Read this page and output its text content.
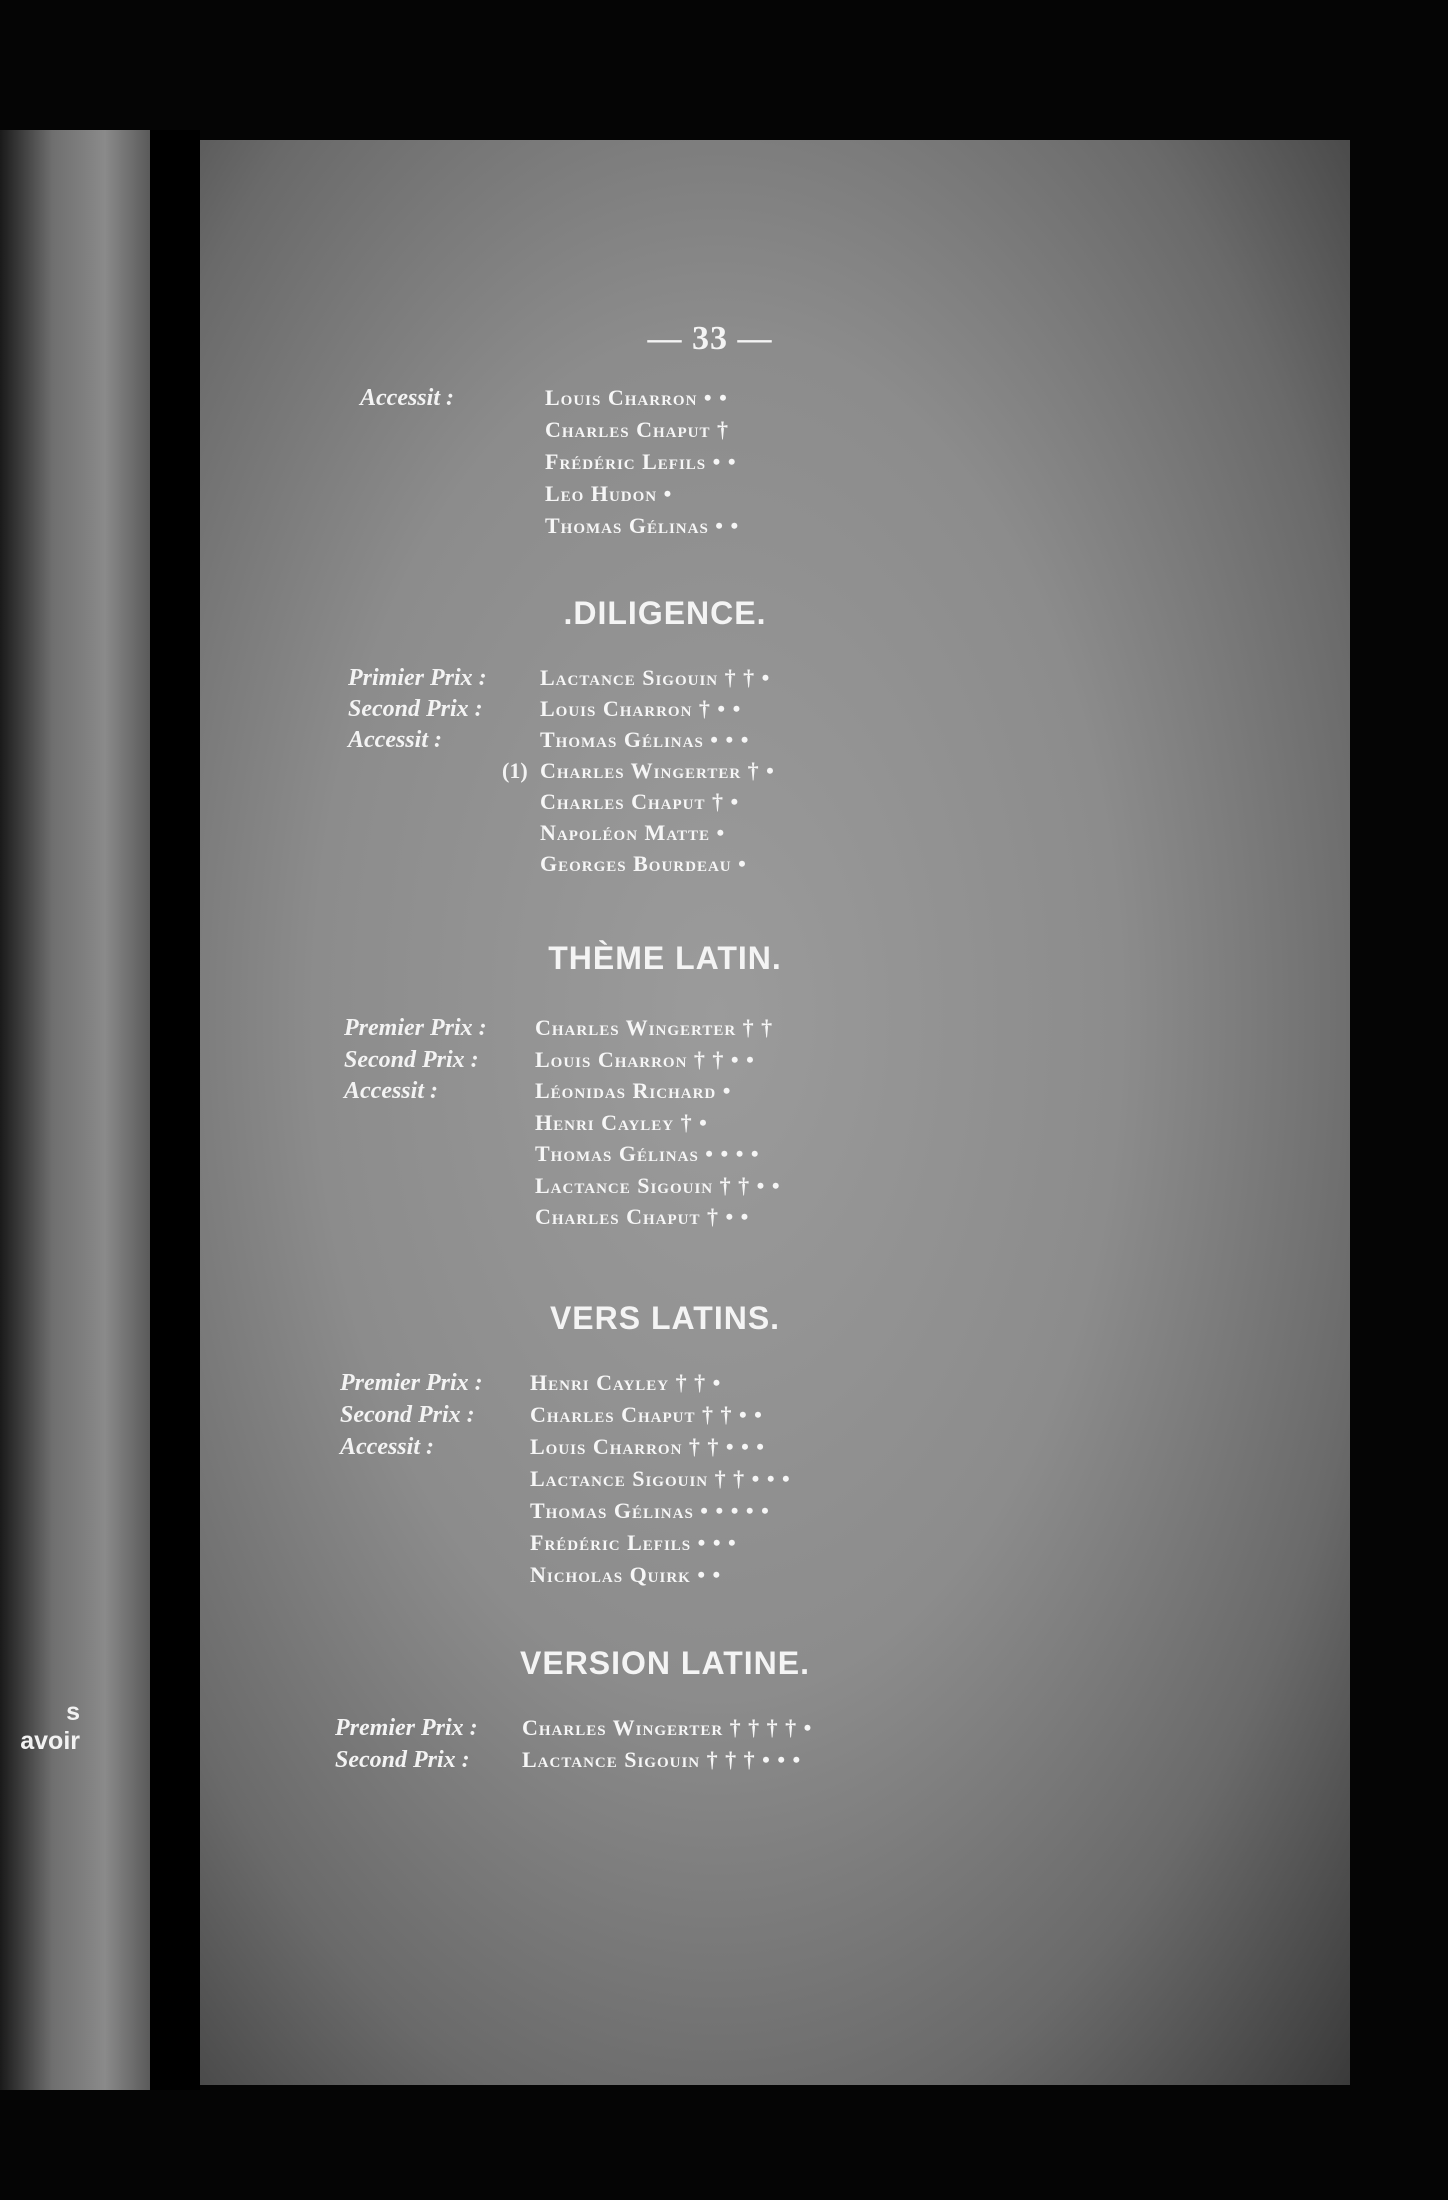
s avoir
— 33 —
Accessit :	Louis Charron • •
Charles Chaput †
Frédéric Lefils • •
Leo Hudon •
Thomas Gélinas • •
.DILIGENCE.
Primier Prix :	Lactance Sigouin † † •
Second Prix :	Louis Charron † • •
Accessit :	Thomas Gélinas • • •
(1) Charles Wingerter † •
Charles Chaput † •
Napoléon Matte •
Georges Bourdeau •
THÈME LATIN.
Premier Prix :	Charles Wingerter † †
Second Prix :	Louis Charron † † • •
Accessit :	Léonidas Richard •
Henri Cayley † •
Thomas Gélinas • • • •
Lactance Sigouin † † • •
Charles Chaput † • •
VERS LATINS.
Premier Prix :	Henri Cayley † † •
Second Prix :	Charles Chaput † † • •
Accessit :	Louis Charron † † • • •
Lactance Sigouin † † • • •
Thomas Gélinas • • • • •
Frédéric Lefils • • •
Nicholas Quirk • •
VERSION LATINE.
Premier Prix :	Charles Wingerter † † † † •
Second Prix :	Lactance Sigouin † † † • • •
